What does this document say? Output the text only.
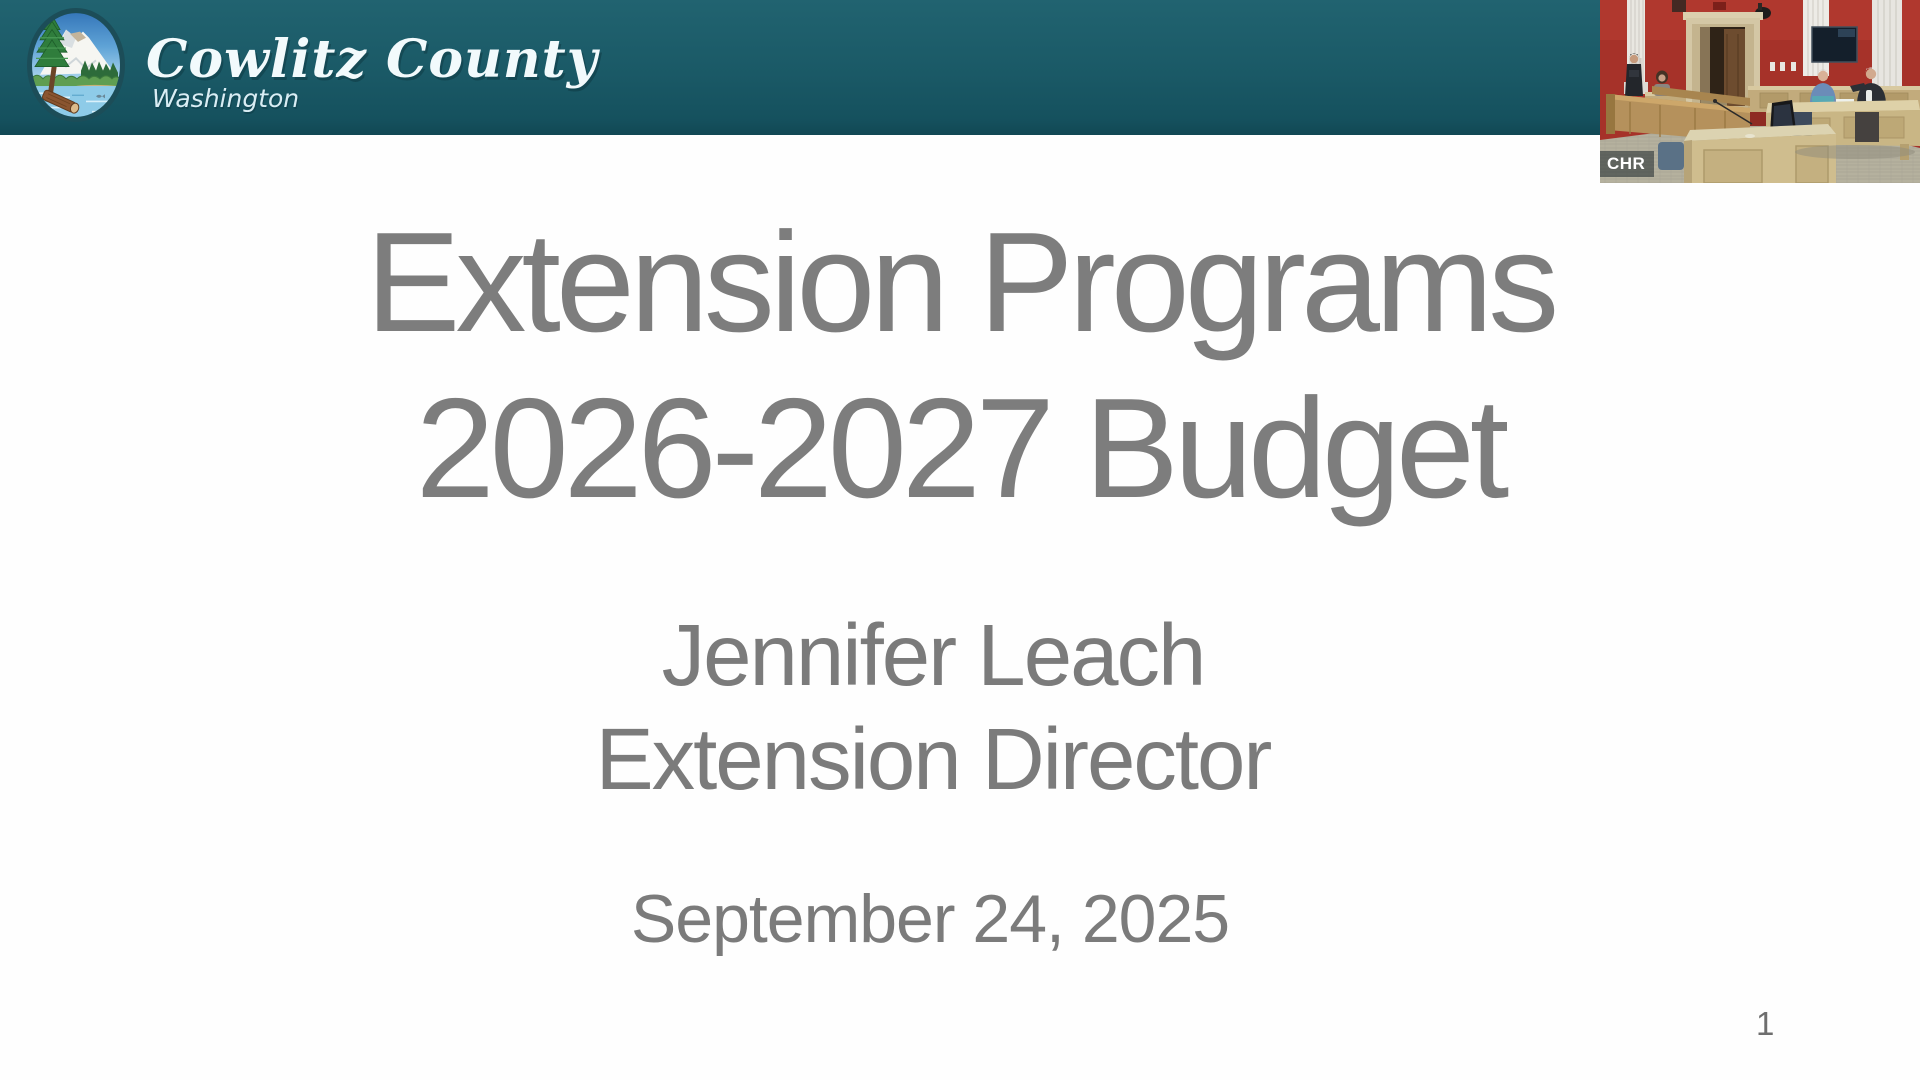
Cowlitz County
Washington
Extension Programs
2026-2027 Budget
Jennifer Leach
Extension Director
September 24, 2025
1
CHR
